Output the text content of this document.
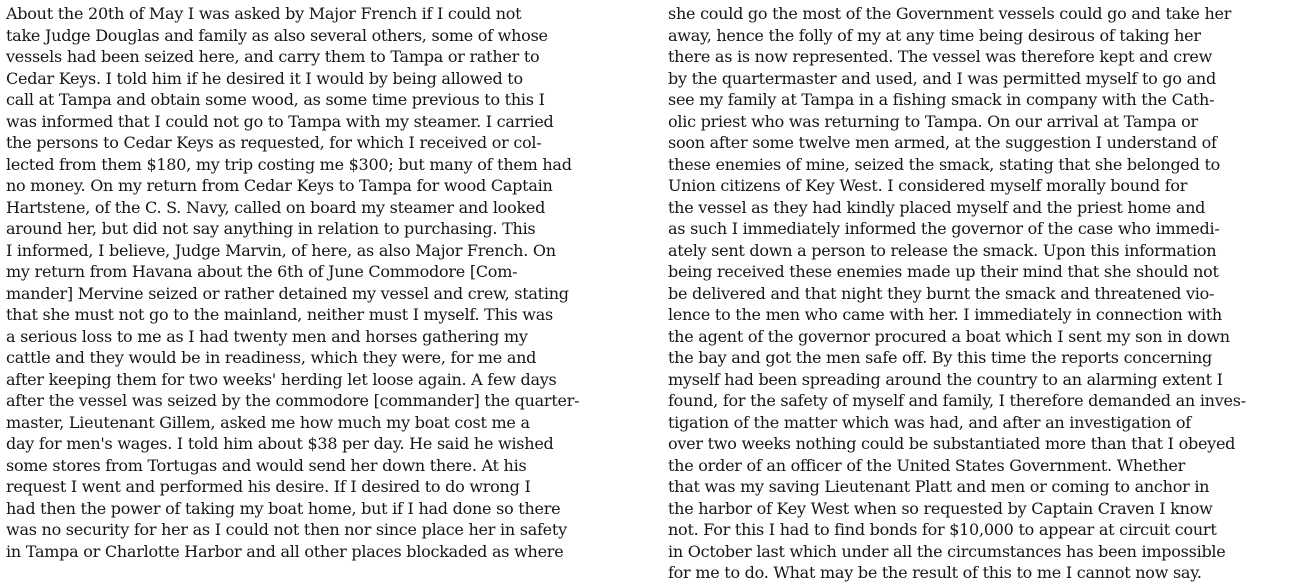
About the 20th of May I was asked by Major French if I could not
take Judge Douglas and family as also several others, some of whose
vessels had been seized here, and carry them to Tampa or rather to
Cedar Keys. I told him if he desired it I would by being allowed to
call at Tampa and obtain some wood, as some time previous to this I
was informed that I could not go to Tampa with my steamer. I carried
the persons to Cedar Keys as requested, for which I received or col-
lected from them $180, my trip costing me $300; but many of them had
no money. On my return from Cedar Keys to Tampa for wood Captain
Hartstene, of the C. S. Navy, called on board my steamer and looked
around her, but did not say anything in relation to purchasing. This
I informed, I believe, Judge Marvin, of here, as also Major French. On
my return from Havana about the 6th of June Commodore [Com-
mander] Mervine seized or rather detained my vessel and crew, stating
that she must not go to the mainland, neither must I myself. This was
a serious loss to me as I had twenty men and horses gathering my
cattle and they would be in readiness, which they were, for me and
after keeping them for two weeks' herding let loose again. A few days
after the vessel was seized by the commodore [commander] the quarter-
master, Lieutenant Gillem, asked me how much my boat cost me a
day for men's wages. I told him about $38 per day. He said he wished
some stores from Tortugas and would send her down there. At his
request I went and performed his desire. If I desired to do wrong I
had then the power of taking my boat home, but if I had done so there
was no security for her as I could not then nor since place her in safety
in Tampa or Charlotte Harbor and all other places blockaded as where
she could go the most of the Government vessels could go and take her
away, hence the folly of my at any time being desirous of taking her
there as is now represented. The vessel was therefore kept and crew
by the quartermaster and used, and I was permitted myself to go and
see my family at Tampa in a fishing smack in company with the Cath-
olic priest who was returning to Tampa. On our arrival at Tampa or
soon after some twelve men armed, at the suggestion I understand of
these enemies of mine, seized the smack, stating that she belonged to
Union citizens of Key West. I considered myself morally bound for
the vessel as they had kindly placed myself and the priest home and
as such I immediately informed the governor of the case who immedi-
ately sent down a person to release the smack. Upon this information
being received these enemies made up their mind that she should not
be delivered and that night they burnt the smack and threatened vio-
lence to the men who came with her. I immediately in connection with
the agent of the governor procured a boat which I sent my son in down
the bay and got the men safe off. By this time the reports concerning
myself had been spreading around the country to an alarming extent I
found, for the safety of myself and family, I therefore demanded an inves-
tigation of the matter which was had, and after an investigation of
over two weeks nothing could be substantiated more than that I obeyed
the order of an officer of the United States Government. Whether
that was my saving Lieutenant Platt and men or coming to anchor in
the harbor of Key West when so requested by Captain Craven I know
not. For this I had to find bonds for $10,000 to appear at circuit court
in October last which under all the circumstances has been impossible
for me to do. What may be the result of this to me I cannot now say.
